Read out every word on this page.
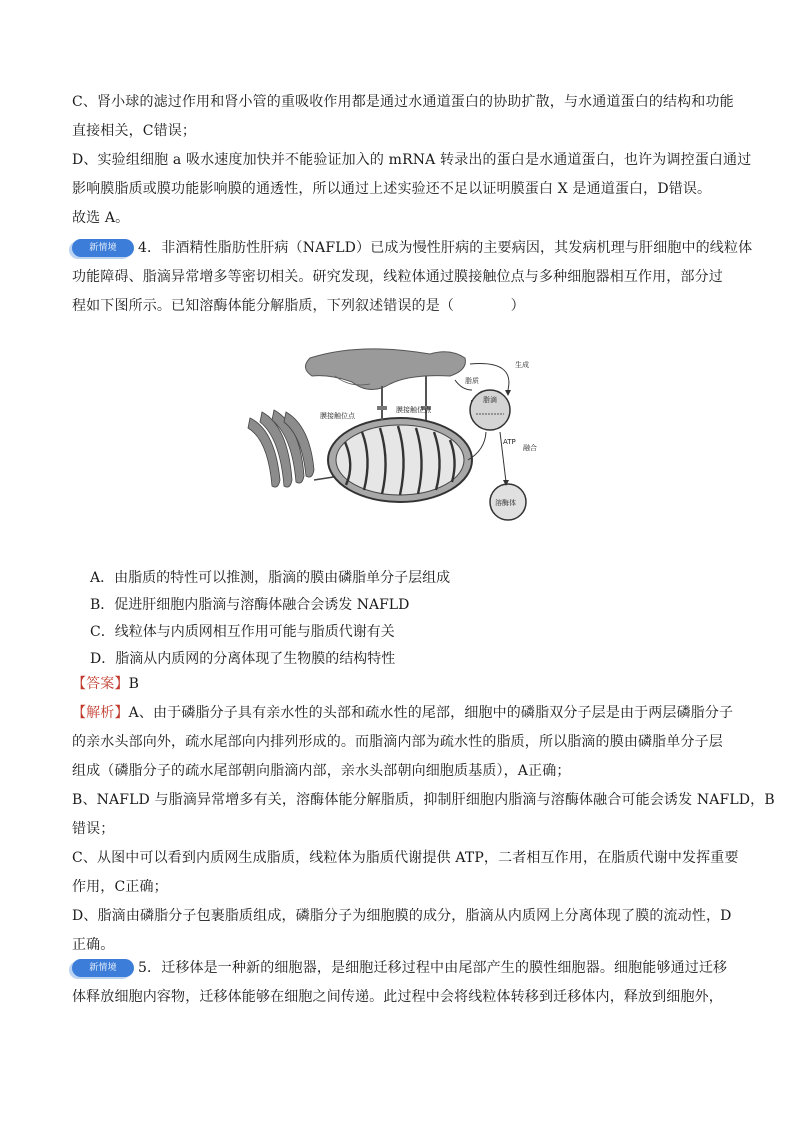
C、肾小球的滤过作用和肾小管的重吸收作用都是通过水通道蛋白的协助扩散，与水通道蛋白的结构和功能
直接相关，C错误；
D、实验组细胞 a 吸水速度加快并不能验证加入的 mRNA 转录出的蛋白是水通道蛋白，也许为调控蛋白通过
影响膜脂质或膜功能影响膜的通透性，所以通过上述实验还不足以证明膜蛋白 X 是通道蛋白，D错误。
故选 A。
新情境 4．非酒精性脂肪性肝病（NAFLD）已成为慢性肝病的主要病因，其发病机理与肝细胞中的线粒体
功能障碍、脂滴异常增多等密切相关。研究发现，线粒体通过膜接触位点与多种细胞器相互作用，部分过
程如下图所示。已知溶酶体能分解脂质，下列叙述错误的是（　　　　）
膜接触位点
膜接触位点
脂质
生成
脂滴
ATP
融合
溶酶体
A．由脂质的特性可以推测，脂滴的膜由磷脂单分子层组成
B．促进肝细胞内脂滴与溶酶体融合会诱发 NAFLD
C．线粒体与内质网相互作用可能与脂质代谢有关
D．脂滴从内质网的分离体现了生物膜的结构特性
【答案】B
【解析】A、由于磷脂分子具有亲水性的头部和疏水性的尾部，细胞中的磷脂双分子层是由于两层磷脂分子
的亲水头部向外，疏水尾部向内排列形成的。而脂滴内部为疏水性的脂质，所以脂滴的膜由磷脂单分子层
组成（磷脂分子的疏水尾部朝向脂滴内部，亲水头部朝向细胞质基质），A正确；
B、NAFLD 与脂滴异常增多有关，溶酶体能分解脂质，抑制肝细胞内脂滴与溶酶体融合可能会诱发 NAFLD，B
错误；
C、从图中可以看到内质网生成脂质，线粒体为脂质代谢提供 ATP，二者相互作用，在脂质代谢中发挥重要
作用，C正确；
D、脂滴由磷脂分子包裹脂质组成，磷脂分子为细胞膜的成分，脂滴从内质网上分离体现了膜的流动性，D
正确。
新情境 5．迁移体是一种新的细胞器，是细胞迁移过程中由尾部产生的膜性细胞器。细胞能够通过迁移
体释放细胞内容物，迁移体能够在细胞之间传递。此过程中会将线粒体转移到迁移体内，释放到细胞外，
